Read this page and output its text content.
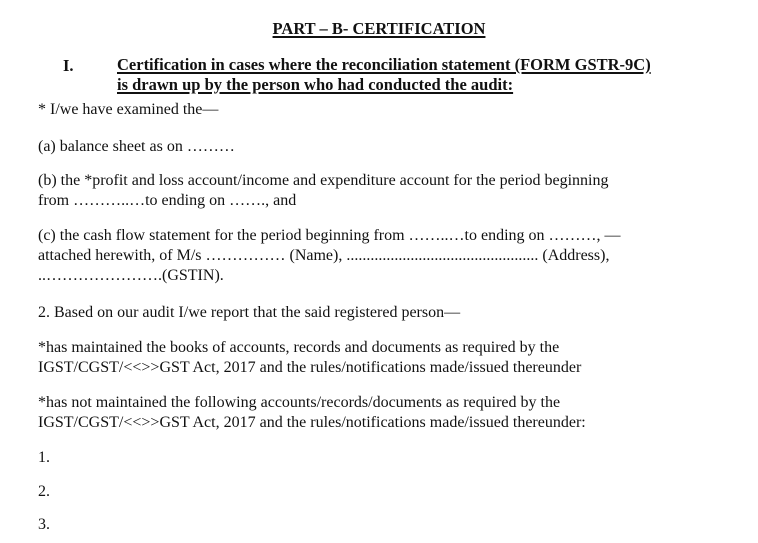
PART – B- CERTIFICATION
I.	Certification in cases where the reconciliation statement (FORM GSTR-9C)
is drawn up by the person who had conducted the audit:

* I/we have examined the—

(a) balance sheet as on ………

(b) the *profit and loss account/income and expenditure account for the period beginning
from ………..…to ending on ……., and
(c) the cash flow statement for the period beginning from ……..…to ending on ………, —
attached herewith, of M/s …………… (Name), ................................................ (Address),
..………………….(GSTIN).

2. Based on our audit I/we report that the said registered person—

*has maintained the books of accounts, records and documents as required by the
IGST/CGST/<<>>GST Act, 2017 and the rules/notifications made/issued thereunder
*has not maintained the following accounts/records/documents as required by the
IGST/CGST/<<>>GST Act, 2017 and the rules/notifications made/issued thereunder:

1.

2.

3.
